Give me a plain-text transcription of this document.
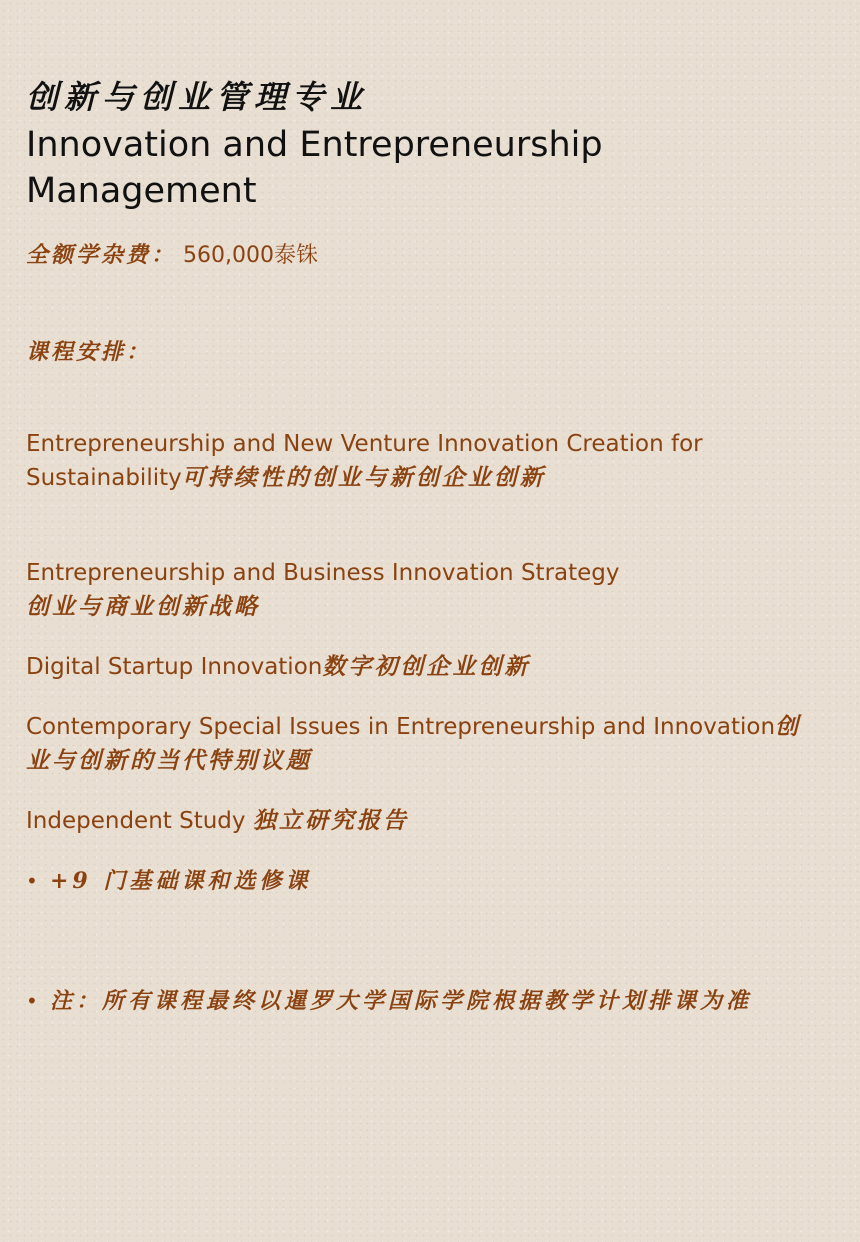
创新与创业管理专业
Innovation and Entrepreneurship Management
全额学杂费： 560,000泰铢
课程安排：
Entrepreneurship and New Venture Innovation Creation for Sustainability可持续性的创业与新创企业创新
Entrepreneurship and Business Innovation Strategy
创业与商业创新战略
Digital Startup Innovation数字初创企业创新
Contemporary Special Issues in Entrepreneurship and Innovation创业与创新的当代特别议题
Independent Study 独立研究报告
• +9 门基础课和选修课
• 注：所有课程最终以暹罗大学国际学院根据教学计划排课为准
